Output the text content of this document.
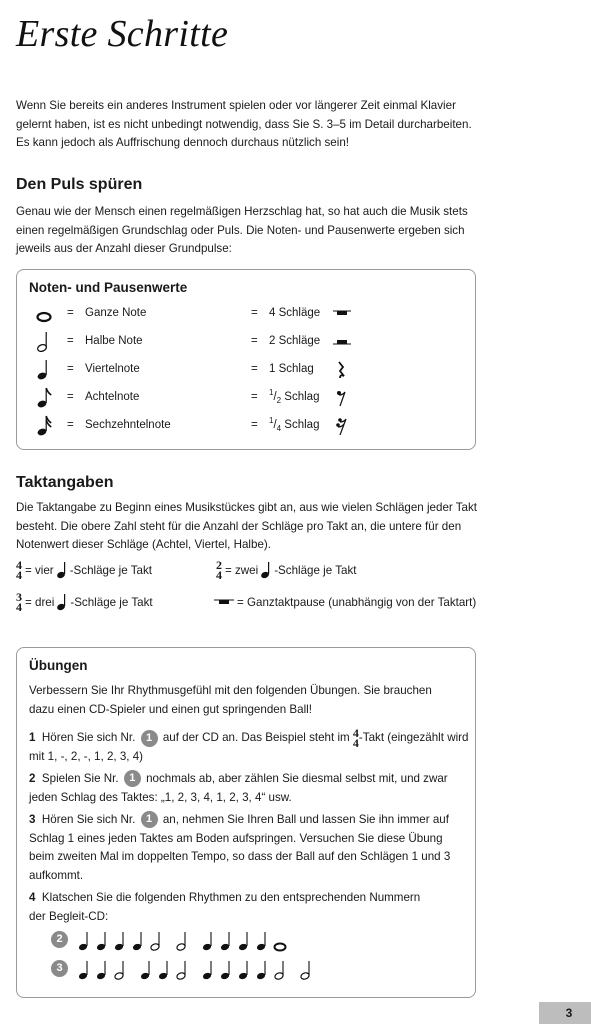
Erste Schritte
Wenn Sie bereits ein anderes Instrument spielen oder vor längerer Zeit einmal Klavier gelernt haben, ist es nicht unbedingt notwendig, dass Sie S. 3–5 im Detail durcharbeiten. Es kann jedoch als Auffrischung dennoch durchaus nützlich sein!
Den Puls spüren
Genau wie der Mensch einen regelmäßigen Herzschlag hat, so hat auch die Musik stets einen regelmäßigen Grundschlag oder Puls. Die Noten- und Pausenwerte ergeben sich jeweils aus der Anzahl dieser Grundpulse:
Noten- und Pausenwerte
= Ganze Note	= 4 Schläge
= Halbe Note	= 2 Schläge
= Viertelnote	= 1 Schlag
= Achtelnote	= $^1/_2$ Schlag
= Sechzehntelnote	= $^1/_4$ Schlag
Taktangaben
Die Taktangabe zu Beginn eines Musikstückes gibt an, aus wie vielen Schlägen jeder Takt besteht. Die obere Zahl steht für die Anzahl der Schläge pro Takt an, die untere für den Notenwert dieser Schläge (Achtel, Viertel, Halbe).
4
4 = vier -Schläge je Takt	2
4 = zwei -Schläge je Takt
3
4 = drei -Schläge je Takt	= Ganztaktpause (unabhängig von der Taktart)
Übungen
Verbessern Sie Ihr Rhythmusgefühl mit den folgenden Übungen. Sie brauchen dazu einen CD-Spieler und einen gut springenden Ball!
1 Hören Sie sich Nr. 1 auf der CD an. Das Beispiel steht im 4
4 -Takt (eingezählt wird mit 1, -, 2, -, 1, 2, 3, 4)
2 Spielen Sie Nr. 1 nochmals ab, aber zählen Sie diesmal selbst mit, und zwar jeden Schlag des Taktes: „1, 2, 3, 4, 1, 2, 3, 4“ usw.
3 Hören Sie sich Nr. 1 an, nehmen Sie Ihren Ball und lassen Sie ihn immer auf Schlag 1 eines jeden Taktes am Boden aufspringen. Versuchen Sie diese Übung beim zweiten Mal im doppelten Tempo, so dass der Ball auf den Schlägen 1 und 3 aufkommt.
4 Klatschen Sie die folgenden Rhythmen zu den entsprechenden Nummern der Begleit-CD:
2
3
3
